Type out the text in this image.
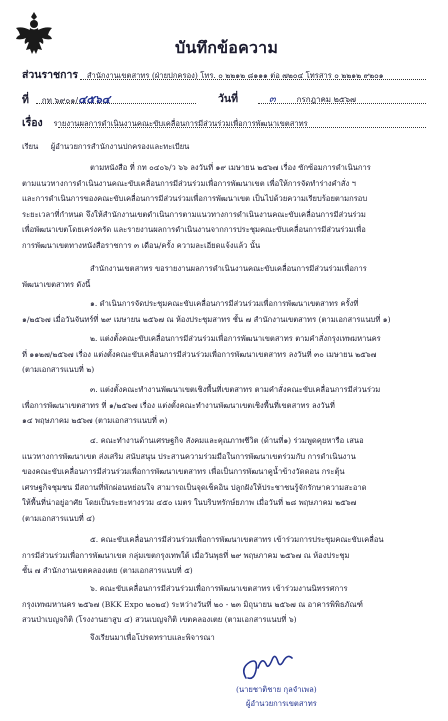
บันทึกข้อความ
ส่วนราชการ สำนักงานเขตสาทร (ฝ่ายปกครอง) โทร. ๐ ๒๒๑๒ ๘๑๑๑ ต่อ ๗๒๐๔ โทรสาร ๐ ๒๒๑๒ ๙๒๐๑
ที่ กท ๖๙๐๑/๔๕๖๔	วันที่	๓	กรกฎาคม ๒๕๖๗
เรื่อง รายงานผลการดำเนินงานคณะขับเคลื่อนการมีส่วนร่วมเพื่อการพัฒนาเขตสาทร
เรียน ผู้อำนวยการสำนักงานปกครองและทะเบียน
ตามหนังสือ ที่ กท ๐๔๐๖/ว ๖๖ ลงวันที่ ๑๙ เมษายน ๒๕๖๗ เรื่อง ซักซ้อมการดำเนินการ
ตามแนวทางการดำเนินงานคณะขับเคลื่อนการมีส่วนร่วมเพื่อการพัฒนาเขต เพื่อให้การจัดทำร่างคำสั่ง ฯ
และการดำเนินการของคณะขับเคลื่อนการมีส่วนร่วมเพื่อการพัฒนาเขต เป็นไปด้วยความเรียบร้อยตามกรอบ
ระยะเวลาที่กำหนด จึงให้สำนักงานเขตดำเนินการตามแนวทางการดำเนินงานคณะขับเคลื่อนการมีส่วนร่วม
เพื่อพัฒนาเขตโดยเคร่งครัด และรายงานผลการดำเนินงานจากการประชุมคณะขับเคลื่อนการมีส่วนร่วมเพื่อ
การพัฒนาเขตทางหนังสือราชการ ๓ เดือน/ครั้ง ความละเอียดแจ้งแล้ว นั้น
สำนักงานเขตสาทร ขอรายงานผลการดำเนินงานคณะขับเคลื่อนการมีส่วนร่วมเพื่อการ
พัฒนาเขตสาทร ดังนี้
๑. ดำเนินการจัดประชุมคณะขับเคลื่อนการมีส่วนร่วมเพื่อการพัฒนาเขตสาทร ครั้งที่
๑/๒๕๖๗ เมื่อวันจันทร์ที่ ๒๙ เมษายน ๒๕๖๗ ณ ห้องประชุมสาทร ชั้น ๗ สำนักงานเขตสาทร (ตามเอกสารแนบที่ ๑)
๒. แต่งตั้งคณะขับเคลื่อนการมีส่วนร่วมเพื่อการพัฒนาเขตสาทร ตามคำสั่งกรุงเทพมหานคร
ที่ ๑๑๒๗/๒๕๖๗ เรื่อง แต่งตั้งคณะขับเคลื่อนการมีส่วนร่วมเพื่อการพัฒนาเขตสาทร ลงวันที่ ๓๐ เมษายน ๒๕๖๗
(ตามเอกสารแนบที่ ๒)
๓. แต่งตั้งคณะทำงานพัฒนาเขตเชิงพื้นที่เขตสาทร ตามคำสั่งคณะขับเคลื่อนการมีส่วนร่วม
เพื่อการพัฒนาเขตสาทร ที่ ๑/๒๕๖๗ เรื่อง แต่งตั้งคณะทำงานพัฒนาเขตเชิงพื้นที่เขตสาทร ลงวันที่
๑๔ พฤษภาคม ๒๕๖๗ (ตามเอกสารแนบที่ ๓)
๔. คณะทำงานด้านเศรษฐกิจ สังคมและคุณภาพชีวิต (ด้านที่๑) ร่วมพูดคุยหารือ เสนอ
แนวทางการพัฒนาเขต ส่งเสริม สนับสนุน ประสานความร่วมมือในการพัฒนาเขตร่วมกับ การดำเนินงาน
ของคณะขับเคลื่อนการมีส่วนร่วมเพื่อการพัฒนาเขตสาทร เพื่อเป็นการพัฒนาคูน้ำข้างวัดดอน กระตุ้น
เศรษฐกิจชุมชน มีสถานที่พักผ่อนหย่อนใจ สามารถเป็นจุดเช็คอิน ปลูกฝังให้ประชาชนรู้จักรักษาความสะอาด
ให้พื้นที่น่าอยู่อาศัย โดยเป็นระยะทางรวม ๔๕๐ เมตร ในบริบทรักษ์ยภาพ เมื่อวันที่ ๒๘ พฤษภาคม ๒๕๖๗
(ตามเอกสารแนบที่ ๔)
๕. คณะขับเคลื่อนการมีส่วนร่วมเพื่อการพัฒนาเขตสาทร เข้าร่วมการประชุมคณะขับเคลื่อน
การมีส่วนร่วมเพื่อการพัฒนาเขต กลุ่มเขตกรุงเทพใต้ เมื่อวันพุธที่ ๒๙ พฤษภาคม ๒๕๖๗ ณ ห้องประชุม
ชั้น ๗ สำนักงานเขตคลองเตย (ตามเอกสารแนบที่ ๕)
๖. คณะขับเคลื่อนการมีส่วนร่วมเพื่อการพัฒนาเขตสาทร เข้าร่วมงานนิทรรศการ
กรุงเทพมหานคร ๒๕๖๗ (BKK Expo ๒๐๒๔) ระหว่างวันที่ ๒๐ - ๒๓ มิถุนายน ๒๕๖๗ ณ อาคารพิพิธภัณฑ์
สวนป่าเบญจกิติ (โรงงานยาสูบ ๔) สวนเบญจกิติ เขตคลองเตย (ตามเอกสารแนบที่ ๖)
จึงเรียนมาเพื่อโปรดทราบและพิจารณา
(นายชาติชาย กุลจำเพล)
ผู้อำนวยการเขตสาทร
